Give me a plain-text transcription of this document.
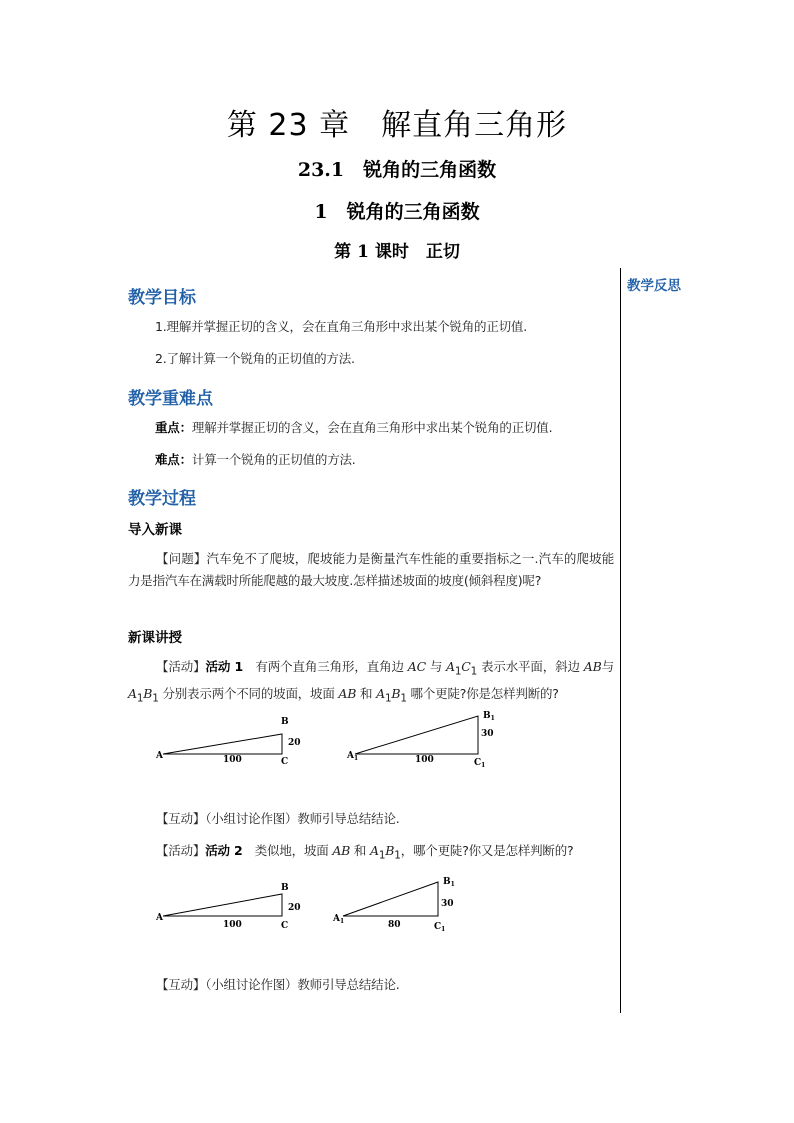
第 23 章　解直角三角形
23.1　锐角的三角函数
1　锐角的三角函数
第 1 课时　正切
教学反思
教学目标
1.理解并掌握正切的含义，会在直角三角形中求出某个锐角的正切值.
2.了解计算一个锐角的正切值的方法.
教学重难点
重点：理解并掌握正切的含义，会在直角三角形中求出某个锐角的正切值.
难点：计算一个锐角的正切值的方法.
教学过程
导入新课
【问题】汽车免不了爬坡，爬坡能力是衡量汽车性能的重要指标之一.汽车的爬坡能力是指汽车在满载时所能爬越的最大坡度.怎样描述坡面的坡度(倾斜程度)呢?
新课讲授
【活动】活动 1　有两个直角三角形，直角边 AC 与 $A_1C_1$ 表示水平面，斜边 AB与 $A_1B_1$ 分别表示两个不同的坡面，坡面 AB 和 $A_1B_1$ 哪个更陡?你是怎样判断的?
A
B
C
100
20
$A_1$
$B_1$
$C_1$
100
30
【互动】（小组讨论作图）教师引导总结结论.
【活动】活动 2　类似地，坡面 AB 和 $A_1B_1$，哪个更陡?你又是怎样判断的?
A
B
C
100
20
$A_1$
$B_1$
$C_1$
80
30
【互动】（小组讨论作图）教师引导总结结论.
